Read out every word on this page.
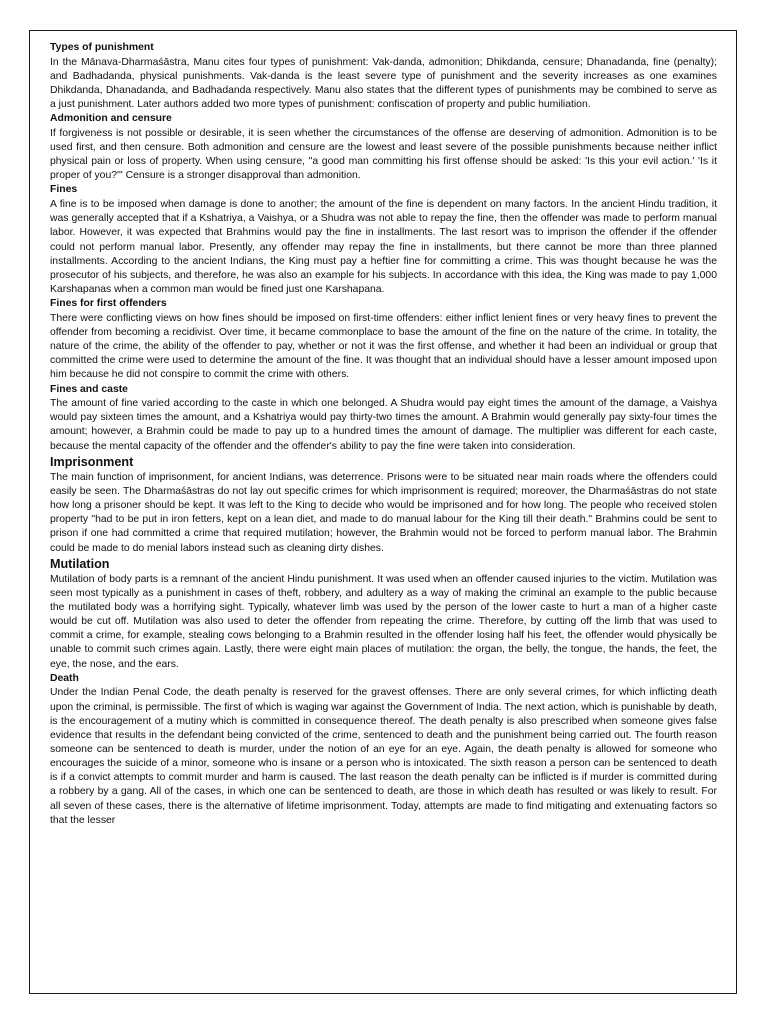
Types of punishment

In the Mānava-Dharmaśāstra, Manu cites four types of punishment: Vak-danda, admonition; Dhikdanda, censure; Dhanadanda, fine (penalty); and Badhadanda, physical punishments. Vak-danda is the least severe type of punishment and the severity increases as one examines Dhikdanda, Dhanadanda, and Badhadanda respectively. Manu also states that the different types of punishments may be combined to serve as a just punishment. Later authors added two more types of punishment: confiscation of property and public humiliation.

Admonition and censure

If forgiveness is not possible or desirable, it is seen whether the circumstances of the offense are deserving of admonition. Admonition is to be used first, and then censure. Both admonition and censure are the lowest and least severe of the possible punishments because neither inflict physical pain or loss of property. When using censure, "a good man committing his first offense should be asked: 'Is this your evil action.' 'Is it proper of you?'" Censure is a stronger disapproval than admonition.

Fines

A fine is to be imposed when damage is done to another; the amount of the fine is dependent on many factors. In the ancient Hindu tradition, it was generally accepted that if a Kshatriya, a Vaishya, or a Shudra was not able to repay the fine, then the offender was made to perform manual labor. However, it was expected that Brahmins would pay the fine in installments. The last resort was to imprison the offender if the offender could not perform manual labor. Presently, any offender may repay the fine in installments, but there cannot be more than three planned installments. According to the ancient Indians, the King must pay a heftier fine for committing a crime. This was thought because he was the prosecutor of his subjects, and therefore, he was also an example for his subjects. In accordance with this idea, the King was made to pay 1,000 Karshapanas when a common man would be fined just one Karshapana.

Fines for first offenders

There were conflicting views on how fines should be imposed on first-time offenders: either inflict lenient fines or very heavy fines to prevent the offender from becoming a recidivist. Over time, it became commonplace to base the amount of the fine on the nature of the crime. In totality, the nature of the crime, the ability of the offender to pay, whether or not it was the first offense, and whether it had been an individual or group that committed the crime were used to determine the amount of the fine. It was thought that an individual should have a lesser amount imposed upon him because he did not conspire to commit the crime with others.

Fines and caste

The amount of fine varied according to the caste in which one belonged. A Shudra would pay eight times the amount of the damage, a Vaishya would pay sixteen times the amount, and a Kshatriya would pay thirty-two times the amount. A Brahmin would generally pay sixty-four times the amount; however, a Brahmin could be made to pay up to a hundred times the amount of damage. The multiplier was different for each caste, because the mental capacity of the offender and the offender's ability to pay the fine were taken into consideration.

Imprisonment

The main function of imprisonment, for ancient Indians, was deterrence. Prisons were to be situated near main roads where the offenders could easily be seen. The Dharmaśāstras do not lay out specific crimes for which imprisonment is required; moreover, the Dharmaśāstras do not state how long a prisoner should be kept. It was left to the King to decide who would be imprisoned and for how long. The people who received stolen property "had to be put in iron fetters, kept on a lean diet, and made to do manual labour for the King till their death." Brahmins could be sent to prison if one had committed a crime that required mutilation; however, the Brahmin would not be forced to perform manual labor. The Brahmin could be made to do menial labors instead such as cleaning dirty dishes.

Mutilation

Mutilation of body parts is a remnant of the ancient Hindu punishment. It was used when an offender caused injuries to the victim. Mutilation was seen most typically as a punishment in cases of theft, robbery, and adultery as a way of making the criminal an example to the public because the mutilated body was a horrifying sight. Typically, whatever limb was used by the person of the lower caste to hurt a man of a higher caste would be cut off. Mutilation was also used to deter the offender from repeating the crime. Therefore, by cutting off the limb that was used to commit a crime, for example, stealing cows belonging to a Brahmin resulted in the offender losing half his feet, the offender would physically be unable to commit such crimes again. Lastly, there were eight main places of mutilation: the organ, the belly, the tongue, the hands, the feet, the eye, the nose, and the ears.

Death

Under the Indian Penal Code, the death penalty is reserved for the gravest offenses. There are only several crimes, for which inflicting death upon the criminal, is permissible. The first of which is waging war against the Government of India. The next action, which is punishable by death, is the encouragement of a mutiny which is committed in consequence thereof. The death penalty is also prescribed when someone gives false evidence that results in the defendant being convicted of the crime, sentenced to death and the punishment being carried out. The fourth reason someone can be sentenced to death is murder, under the notion of an eye for an eye. Again, the death penalty is allowed for someone who encourages the suicide of a minor, someone who is insane or a person who is intoxicated. The sixth reason a person can be sentenced to death is if a convict attempts to commit murder and harm is caused. The last reason the death penalty can be inflicted is if murder is committed during a robbery by a gang. All of the cases, in which one can be sentenced to death, are those in which death has resulted or was likely to result. For all seven of these cases, there is the alternative of lifetime imprisonment. Today, attempts are made to find mitigating and extenuating factors so that the lesser
